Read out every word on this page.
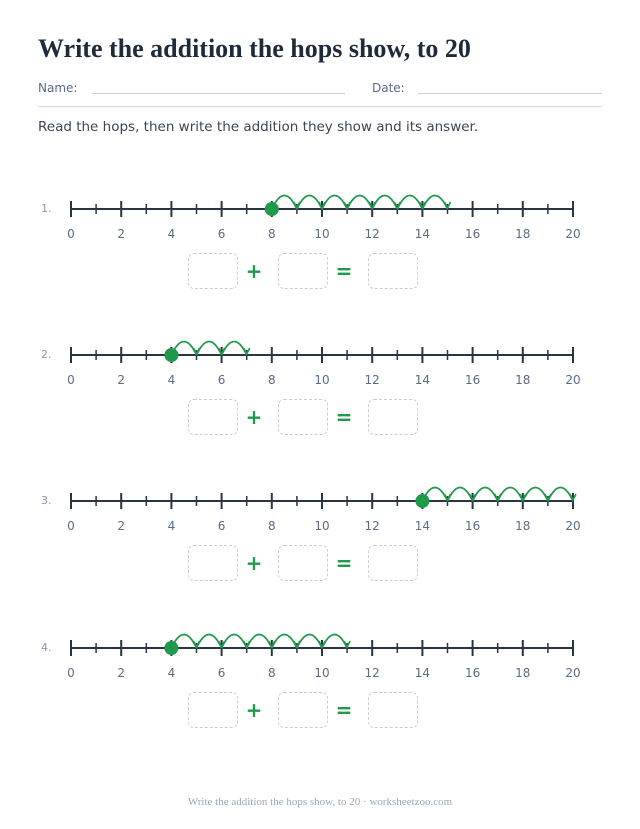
Write the addition the hops show, to 20
Name:	Date:
Read the hops, then write the addition they show and its answer.
1.
0	2	4	6	8	10	12	14	16	18	20
+	=
2.
0	2	4	6	8	10	12	14	16	18	20
+	=
3.
0	2	4	6	8	10	12	14	16	18	20
+	=
4.
0	2	4	6	8	10	12	14	16	18	20
+	=
Write the addition the hops show, to 20 · worksheetzoo.com
